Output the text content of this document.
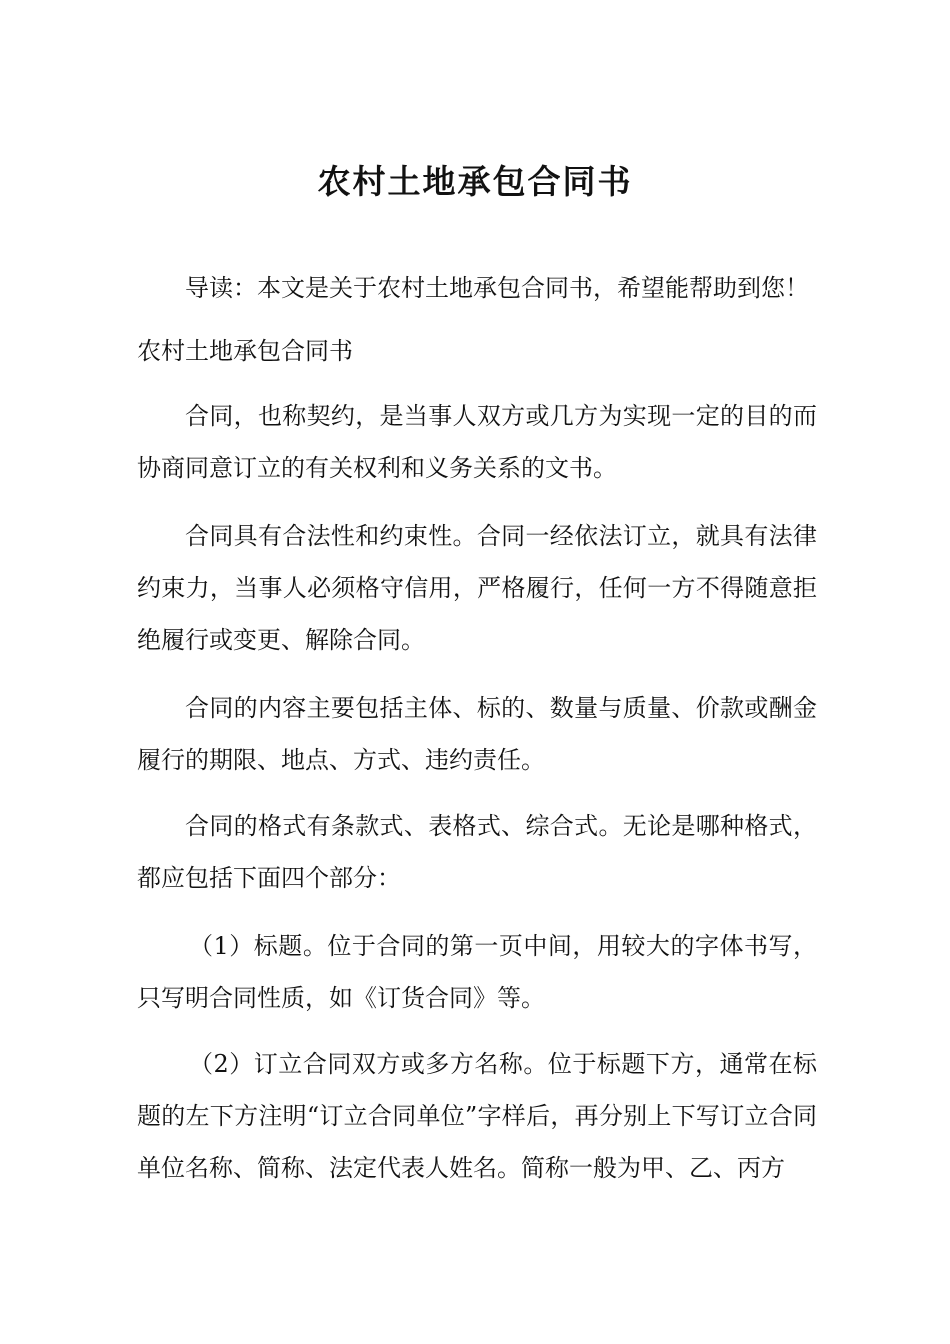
农村土地承包合同书

导读：本文是关于农村土地承包合同书，希望能帮助到您！

农村土地承包合同书

合同，也称契约，是当事人双方或几方为实现一定的目的而协商同意订立的有关权利和义务关系的文书。

合同具有合法性和约束性。合同一经依法订立，就具有法律约束力，当事人必须格守信用，严格履行，任何一方不得随意拒绝履行或变更、解除合同。

合同的内容主要包括主体、标的、数量与质量、价款或酬金履行的期限、地点、方式、违约责任。

合同的格式有条款式、表格式、综合式。无论是哪种格式，都应包括下面四个部分：

（1）标题。位于合同的第一页中间，用较大的字体书写，只写明合同性质，如《订货合同》等。

（2）订立合同双方或多方名称。位于标题下方，通常在标题的左下方注明“订立合同单位”字样后，再分别上下写订立合同单位名称、简称、法定代表人姓名。简称一般为甲、乙、丙方
